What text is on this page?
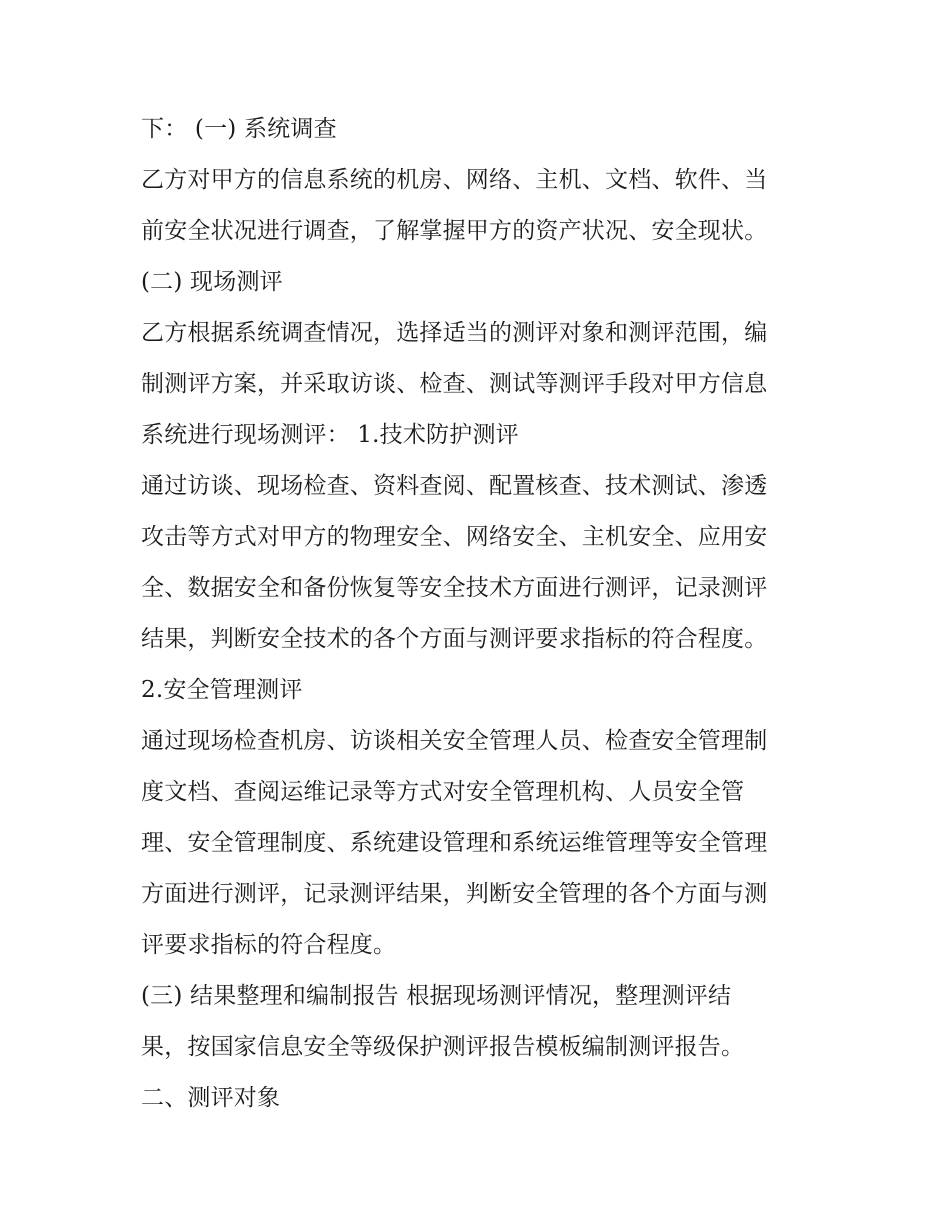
下： (一) 系统调查
乙方对甲方的信息系统的机房、网络、主机、文档、软件、当
前安全状况进行调查，了解掌握甲方的资产状况、安全现状。
(二) 现场测评
乙方根据系统调查情况，选择适当的测评对象和测评范围，编
制测评方案，并采取访谈、检查、测试等测评手段对甲方信息
系统进行现场测评： 1.技术防护测评
通过访谈、现场检查、资料查阅、配置核查、技术测试、渗透
攻击等方式对甲方的物理安全、网络安全、主机安全、应用安
全、数据安全和备份恢复等安全技术方面进行测评，记录测评
结果，判断安全技术的各个方面与测评要求指标的符合程度。
2.安全管理测评
通过现场检查机房、访谈相关安全管理人员、检查安全管理制
度文档、查阅运维记录等方式对安全管理机构、人员安全管
理、安全管理制度、系统建设管理和系统运维管理等安全管理
方面进行测评，记录测评结果，判断安全管理的各个方面与测
评要求指标的符合程度。
(三) 结果整理和编制报告 根据现场测评情况，整理测评结
果，按国家信息安全等级保护测评报告模板编制测评报告。
二、测评对象
